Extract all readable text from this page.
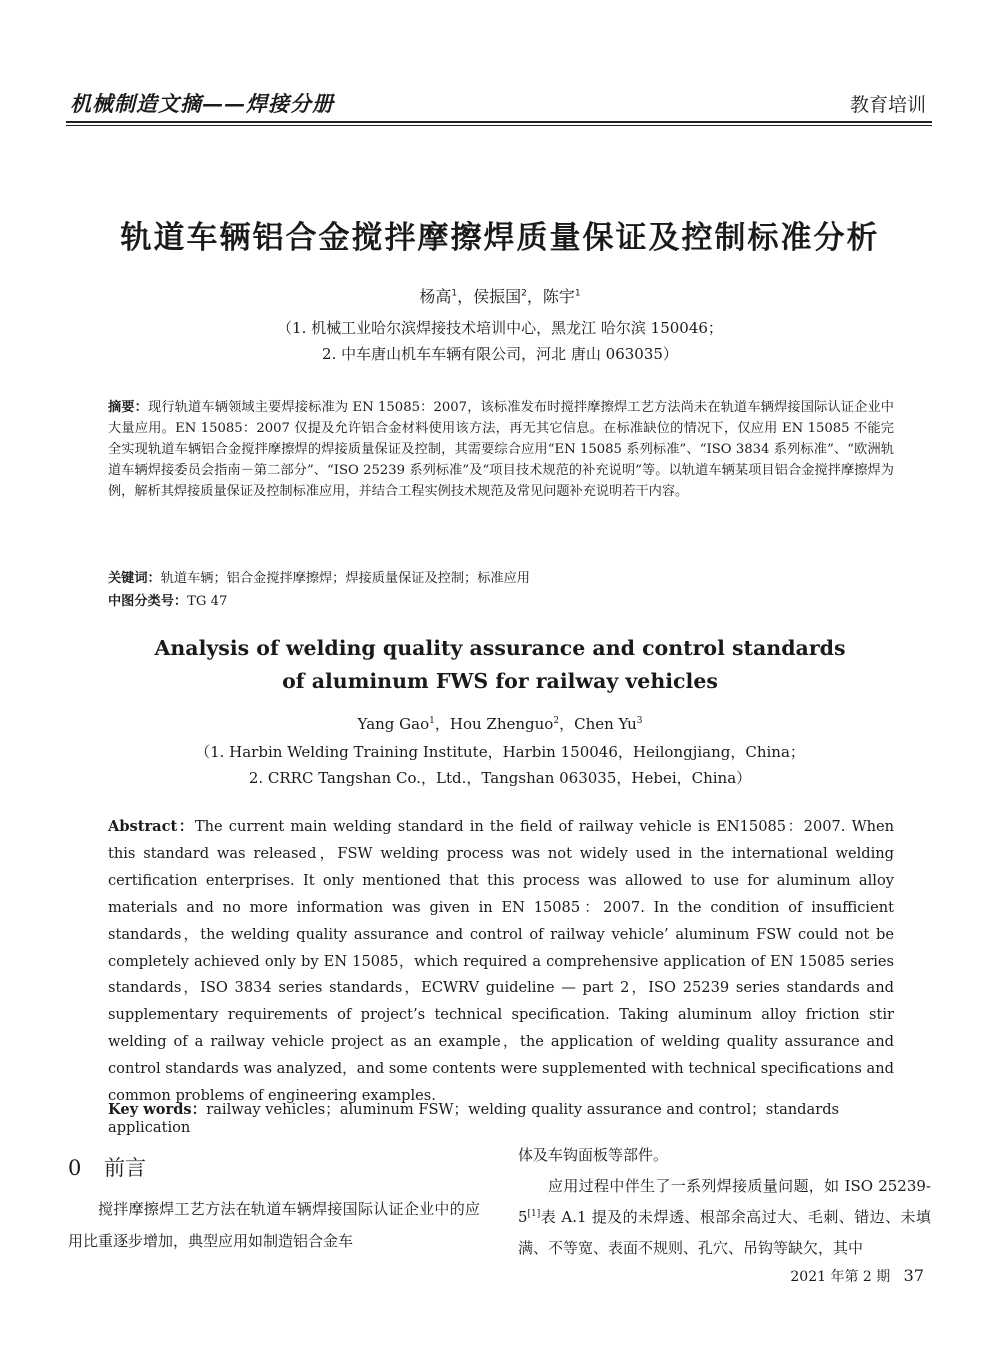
机械制造文摘——焊接分册	教育培训
轨道车辆铝合金搅拌摩擦焊质量保证及控制标准分析
杨高$^1$，侯振国$^2$，陈宇$^1$
（1. 机械工业哈尔滨焊接技术培训中心，黑龙江 哈尔滨 150046；
2. 中车唐山机车车辆有限公司，河北 唐山 063035）
摘要：现行轨道车辆领域主要焊接标准为 EN 15085：2007，该标准发布时搅拌摩擦焊工艺方法尚未在轨道车辆焊接国际认证企业中大量应用。EN 15085：2007 仅提及允许铝合金材料使用该方法，再无其它信息。在标准缺位的情况下，仅应用 EN 15085 不能完全实现轨道车辆铝合金搅拌摩擦焊的焊接质量保证及控制，其需要综合应用“EN 15085 系列标准”、“ISO 3834 系列标准”、“欧洲轨道车辆焊接委员会指南－第二部分”、“ISO 25239 系列标准”及“项目技术规范的补充说明”等。以轨道车辆某项目铝合金搅拌摩擦焊为例，解析其焊接质量保证及控制标准应用，并结合工程实例技术规范及常见问题补充说明若干内容。
关键词：轨道车辆；铝合金搅拌摩擦焊；焊接质量保证及控制；标准应用
中图分类号：TG 47
Analysis of welding quality assurance and control standards
of aluminum FWS for railway vehicles
Yang Gao$^1$，Hou Zhenguo$^2$，Chen Yu$^3$
（1. Harbin Welding Training Institute，Harbin 150046，Heilongjiang，China；
2. CRRC Tangshan Co.，Ltd.，Tangshan 063035，Hebei，China）
Abstract：The current main welding standard in the field of railway vehicle is EN15085：2007. When this standard was released，FSW welding process was not widely used in the international welding certification enterprises. It only mentioned that this process was allowed to use for aluminum alloy materials and no more information was given in EN 15085：2007. In the condition of insufficient standards，the welding quality assurance and control of railway vehicle’ aluminum FSW could not be completely achieved only by EN 15085，which required a comprehensive application of EN 15085 series standards，ISO 3834 series standards，ECWRV guideline — part 2，ISO 25239 series standards and supplementary requirements of project’s technical specification. Taking aluminum alloy friction stir welding of a railway vehicle project as an example，the application of welding quality assurance and control standards was analyzed，and some contents were supplemented with technical specifications and common problems of engineering examples.
Key words：railway vehicles；aluminum FSW；welding quality assurance and control；standards application
0 前言
搅拌摩擦焊工艺方法在轨道车辆焊接国际认证企业中的应用比重逐步增加，典型应用如制造铝合金车
体及车钩面板等部件。
应用过程中伴生了一系列焊接质量问题，如 ISO 25239-5[1]表 A.1 提及的未焊透、根部余高过大、毛刺、错边、未填满、不等宽、表面不规则、孔穴、吊钩等缺欠，其中
2021 年第 2 期 37
